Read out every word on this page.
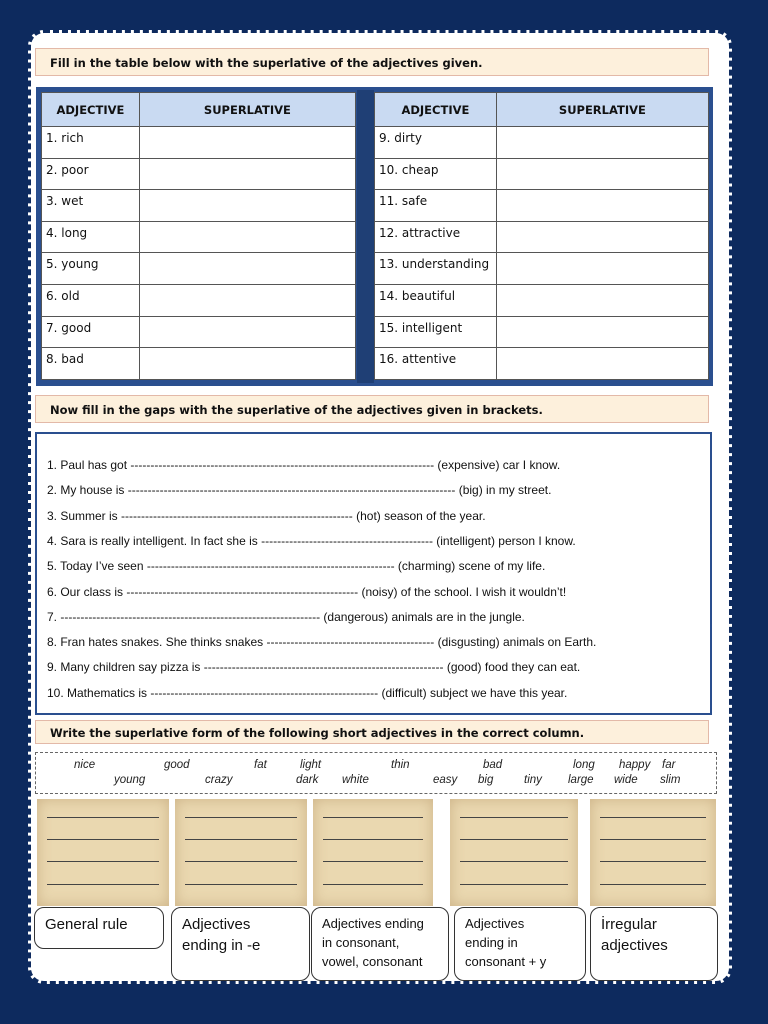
Fill in the table below with the superlative of the adjectives given.
ADJECTIVE	SUPERLATIVE
1. rich	
2. poor	
3. wet	
4. long	
5. young	
6. old	
7. good	
8. bad	
ADJECTIVE	SUPERLATIVE
9. dirty	
10. cheap	
11. safe	
12. attractive	
13. understanding	
14. beautiful	
15. intelligent	
16. attentive	
Now fill in the gaps with the superlative of the adjectives given in brackets.
1. Paul has got ---------------------------------------------------------------------------- (expensive) car I know.
2. My house is ---------------------------------------------------------------------------------- (big) in my street.
3. Summer is ---------------------------------------------------------- (hot) season of the year.
4. Sara is really intelligent. In fact she is ------------------------------------------- (intelligent) person I know.
5. Today I’ve seen -------------------------------------------------------------- (charming) scene of my life.
6. Our class is ---------------------------------------------------------- (noisy) of the school. I wish it wouldn’t!
7. ----------------------------------------------------------------- (dangerous) animals are in the jungle.
8. Fran hates snakes. She thinks snakes ------------------------------------------ (disgusting) animals on Earth.
9. Many children say pizza is ------------------------------------------------------------ (good) food they can eat.
10. Mathematics is --------------------------------------------------------- (difficult) subject we have this year.
Write the superlative form of the following short adjectives in the correct column.
nice	good	fat	light	thin	bad	long happy far
young	crazy	dark white	easy big	tiny large wide slim
General rule	Adjectives
ending in -e
Adjectives ending
in consonant,
vowel, consonant
Adjectives
ending in
consonant + y
İrregular
adjectives
